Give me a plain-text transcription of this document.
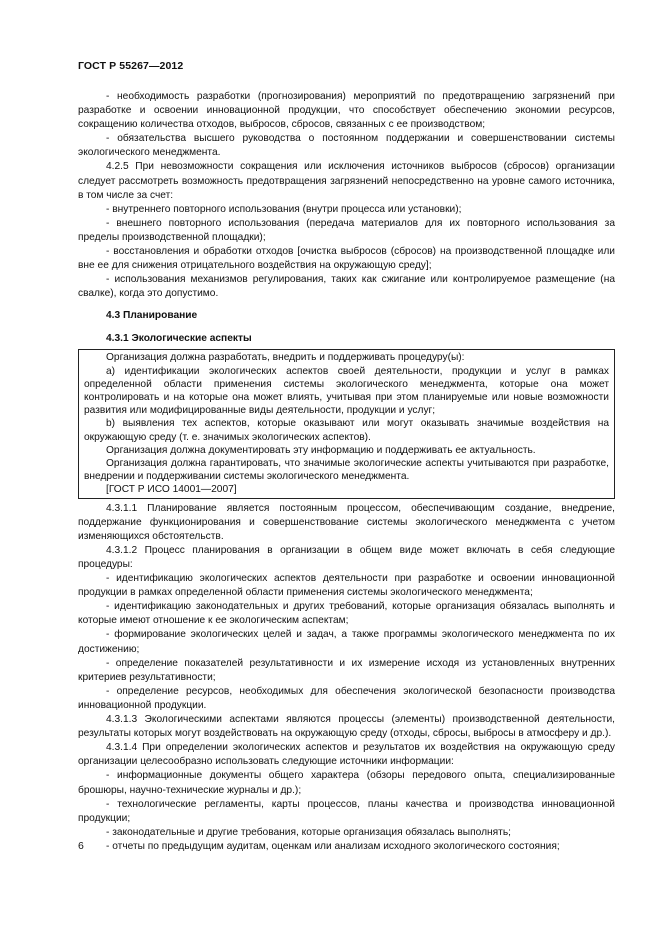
ГОСТ Р 55267—2012

- необходимость разработки (прогнозирования) мероприятий по предотвращению загрязнений при разработке и освоении инновационной продукции, что способствует обеспечению экономии ресурсов, сокращению количества отходов, выбросов, сбросов, связанных с ее производством;

- обязательства высшего руководства о постоянном поддержании и совершенствовании системы экологического менеджмента.

4.2.5 При невозможности сокращения или исключения источников выбросов (сбросов) организации следует рассмотреть возможность предотвращения загрязнений непосредственно на уровне самого источника, в том числе за счет:

- внутреннего повторного использования (внутри процесса или установки);

- внешнего повторного использования (передача материалов для их повторного использования за пределы производственной площадки);

- восстановления и обработки отходов [очистка выбросов (сбросов) на производственной площадке или вне ее для снижения отрицательного воздействия на окружающую среду];

- использования механизмов регулирования, таких как сжигание или контролируемое размещение (на свалке), когда это допустимо.

4.3 Планирование
4.3.1 Экологические аспекты

Организация должна разработать, внедрить и поддерживать процедуру(ы):

а) идентификации экологических аспектов своей деятельности, продукции и услуг в рамках определенной области применения системы экологического менеджмента, которые она может контролировать и на которые она может влиять, учитывая при этом планируемые или новые возможности развития или модифицированные виды деятельности, продукции и услуг;

b) выявления тех аспектов, которые оказывают или могут оказывать значимые воздействия на окружающую среду (т. е. значимых экологических аспектов).

Организация должна документировать эту информацию и поддерживать ее актуальность.

Организация должна гарантировать, что значимые экологические аспекты учитываются при разработке, внедрении и поддерживании системы экологического менеджмента.

[ГОСТ Р ИСО 14001—2007]

4.3.1.1 Планирование является постоянным процессом, обеспечивающим создание, внедрение, поддержание функционирования и совершенствование системы экологического менеджмента с учетом изменяющихся обстоятельств.

4.3.1.2 Процесс планирования в организации в общем виде может включать в себя следующие процедуры:

- идентификацию экологических аспектов деятельности при разработке и освоении инновационной продукции в рамках определенной области применения системы экологического менеджмента;

- идентификацию законодательных и других требований, которые организация обязалась выполнять и которые имеют отношение к ее экологическим аспектам;

- формирование экологических целей и задач, а также программы экологического менеджмента по их достижению;

- определение показателей результативности и их измерение исходя из установленных внутренних критериев результативности;

- определение ресурсов, необходимых для обеспечения экологической безопасности производства инновационной продукции.

4.3.1.3 Экологическими аспектами являются процессы (элементы) производственной деятельности, результаты которых могут воздействовать на окружающую среду (отходы, сбросы, выбросы в атмосферу и др.).

4.3.1.4 При определении экологических аспектов и результатов их воздействия на окружающую среду организации целесообразно использовать следующие источники информации:

- информационные документы общего характера (обзоры передового опыта, специализированные брошюры, научно-технические журналы и др.);

- технологические регламенты, карты процессов, планы качества и производства инновационной продукции;

- законодательные и другие требования, которые организация обязалась выполнять;

- отчеты по предыдущим аудитам, оценкам или анализам исходного экологического состояния;

6
